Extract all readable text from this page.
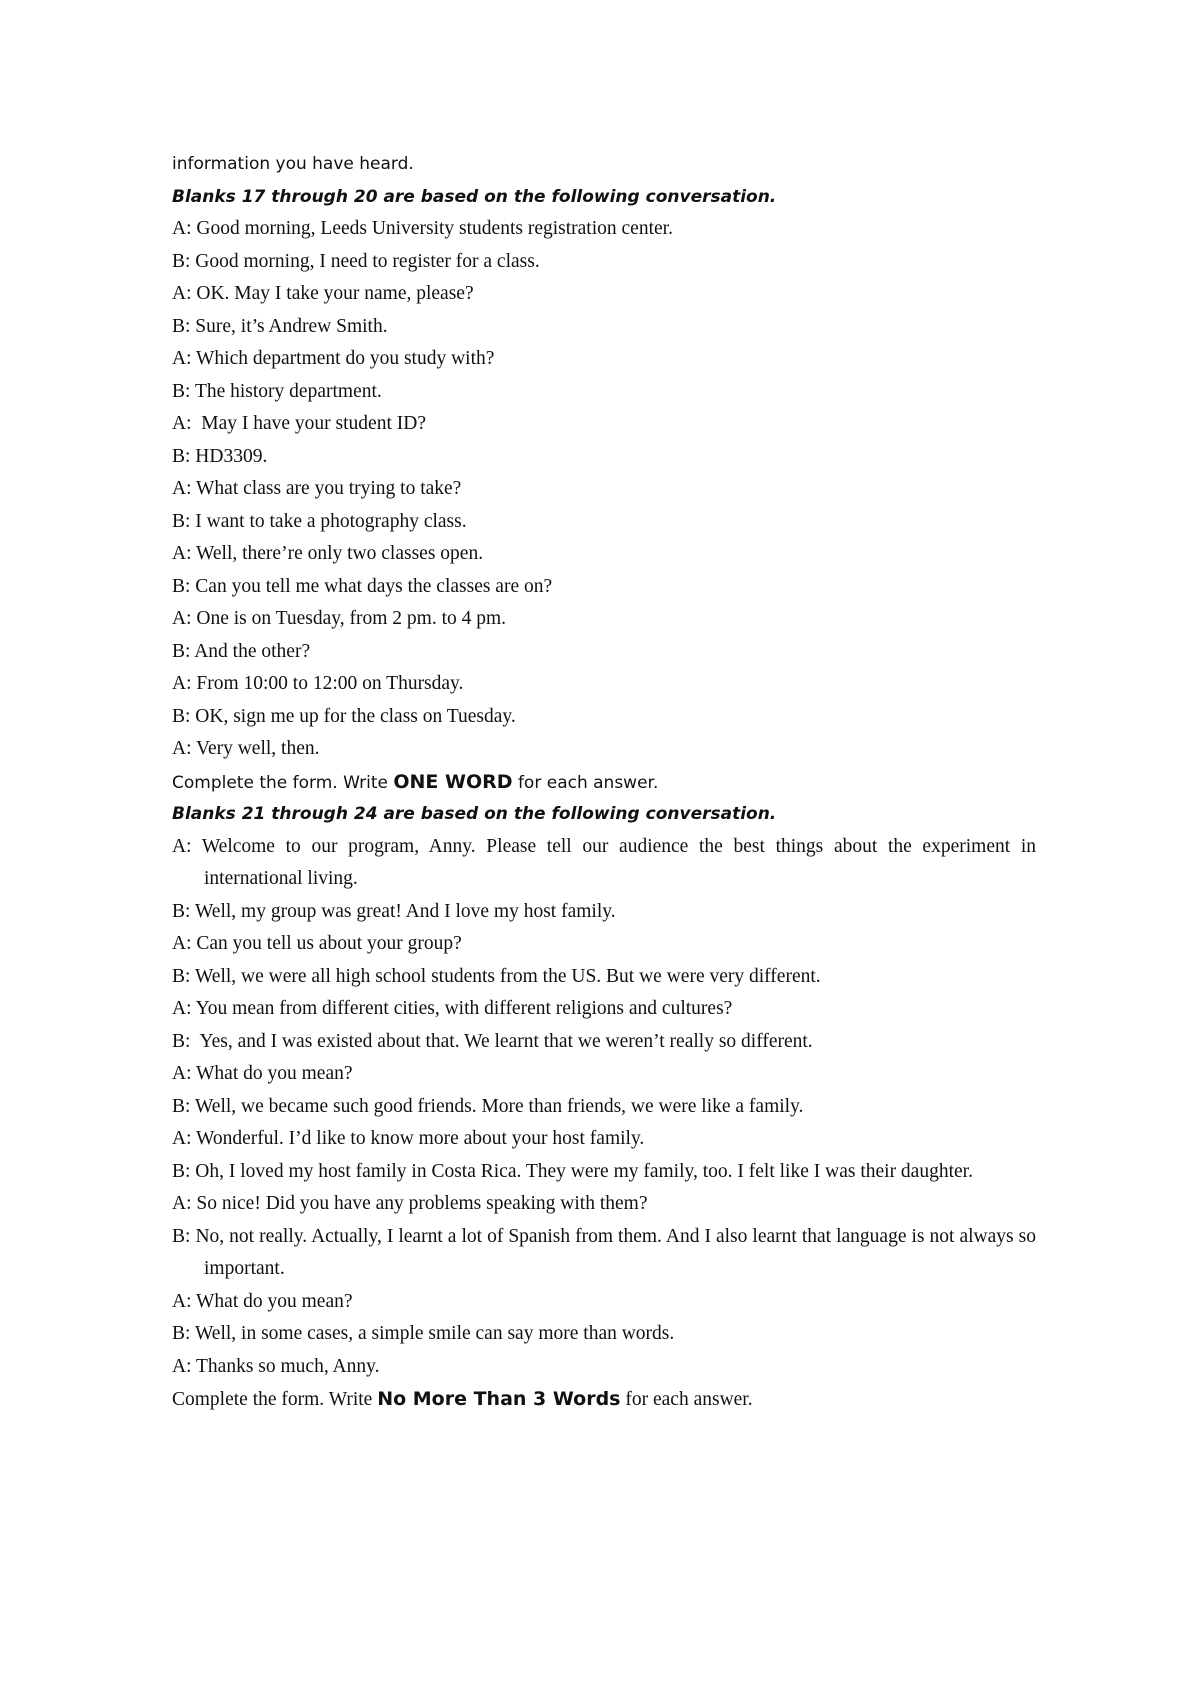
information you have heard.
Blanks 17 through 20 are based on the following conversation.
A: Good morning, Leeds University students registration center.
B: Good morning, I need to register for a class.
A: OK. May I take your name, please?
B: Sure, it’s Andrew Smith.
A: Which department do you study with?
B: The history department.
A:  May I have your student ID?
B: HD3309.
A: What class are you trying to take?
B: I want to take a photography class.
A: Well, there’re only two classes open.
B: Can you tell me what days the classes are on?
A: One is on Tuesday, from 2 pm. to 4 pm.
B: And the other?
A: From 10:00 to 12:00 on Thursday.
B: OK, sign me up for the class on Tuesday.
A: Very well, then.
Complete the form. Write ONE WORD for each answer.
Blanks 21 through 24 are based on the following conversation.
A: Welcome to our program, Anny. Please tell our audience the best things about the experiment in international living.
B: Well, my group was great! And I love my host family.
A: Can you tell us about your group?
B: Well, we were all high school students from the US. But we were very different.
A: You mean from different cities, with different religions and cultures?
B:  Yes, and I was existed about that. We learnt that we weren’t really so different.
A: What do you mean?
B: Well, we became such good friends. More than friends, we were like a family.
A: Wonderful. I’d like to know more about your host family.
B: Oh, I loved my host family in Costa Rica. They were my family, too. I felt like I was their daughter.
A: So nice! Did you have any problems speaking with them?
B: No, not really. Actually, I learnt a lot of Spanish from them. And I also learnt that language is not always so important.
A: What do you mean?
B: Well, in some cases, a simple smile can say more than words.
A: Thanks so much, Anny.
Complete the form. Write No More Than 3 Words for each answer.
